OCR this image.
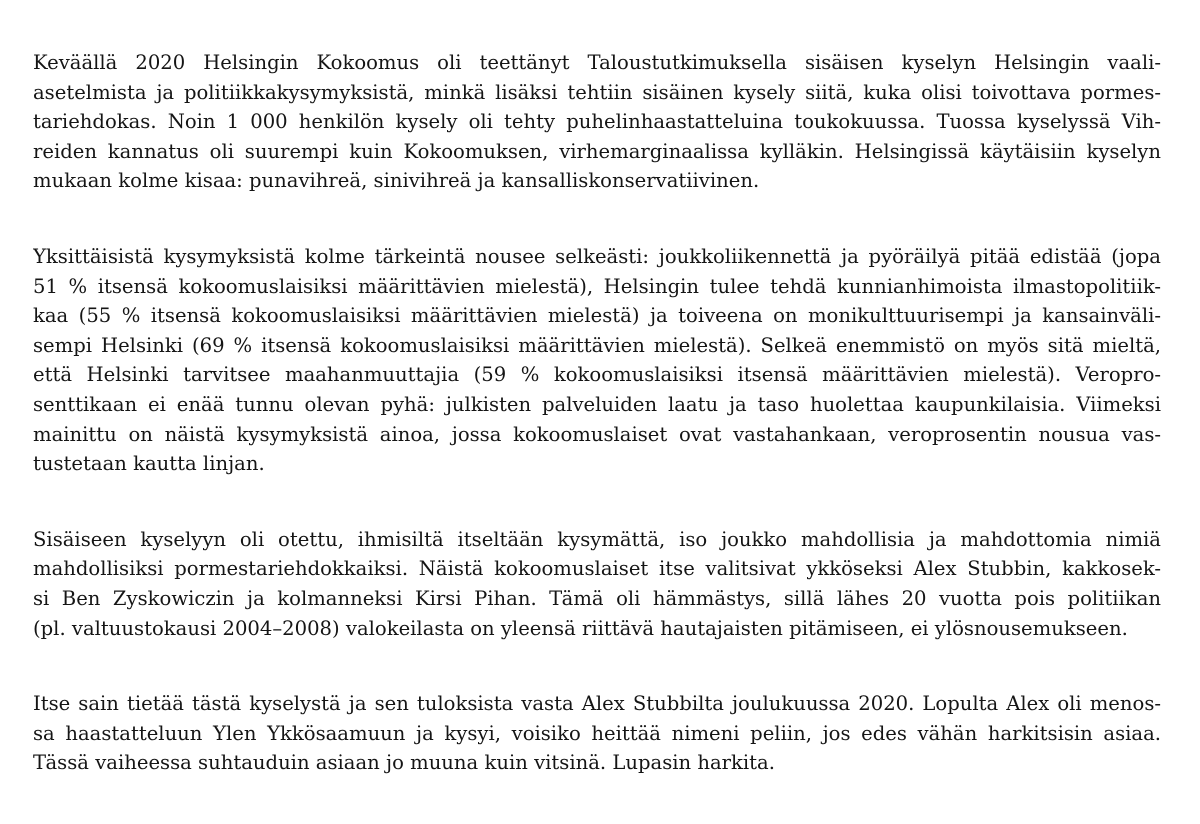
Keväällä 2020 Helsingin Kokoomus oli teettänyt Taloustutkimuksella sisäisen kyselyn Helsingin vaali-
asetelmista ja politiikkakysymyksistä, minkä lisäksi tehtiin sisäinen kysely siitä, kuka olisi toivottava pormes-
tariehdokas. Noin 1 000 henkilön kysely oli tehty puhelinhaastatteluina toukokuussa. Tuossa kyselyssä Vih-
reiden kannatus oli suurempi kuin Kokoomuksen, virhemarginaalissa kylläkin. Helsingissä käytäisiin kyselyn
mukaan kolme kisaa: punavihreä, sinivihreä ja kansalliskonservatiivinen.
Yksittäisistä kysymyksistä kolme tärkeintä nousee selkeästi: joukkoliikennettä ja pyöräilyä pitää edistää (jopa
51 % itsensä kokoomuslaisiksi määrittävien mielestä), Helsingin tulee tehdä kunnianhimoista ilmastopolitiik-
kaa (55 % itsensä kokoomuslaisiksi määrittävien mielestä) ja toiveena on monikulttuurisempi ja kansainväli-
sempi Helsinki (69 % itsensä kokoomuslaisiksi määrittävien mielestä). Selkeä enemmistö on myös sitä mieltä,
että Helsinki tarvitsee maahanmuuttajia (59 % kokoomuslaisiksi itsensä määrittävien mielestä). Veropro-
senttikaan ei enää tunnu olevan pyhä: julkisten palveluiden laatu ja taso huolettaa kaupunkilaisia. Viimeksi
mainittu on näistä kysymyksistä ainoa, jossa kokoomuslaiset ovat vastahankaan, veroprosentin nousua vas-
tustetaan kautta linjan.
Sisäiseen kyselyyn oli otettu, ihmisiltä itseltään kysymättä, iso joukko mahdollisia ja mahdottomia nimiä
mahdollisiksi pormestariehdokkaiksi. Näistä kokoomuslaiset itse valitsivat ykköseksi Alex Stubbin, kakkosek-
si Ben Zyskowiczin ja kolmanneksi Kirsi Pihan. Tämä oli hämmästys, sillä lähes 20 vuotta pois politiikan
(pl. valtuustokausi 2004–2008) valokeilasta on yleensä riittävä hautajaisten pitämiseen, ei ylösnousemukseen.
Itse sain tietää tästä kyselystä ja sen tuloksista vasta Alex Stubbilta joulukuussa 2020. Lopulta Alex oli menos-
sa haastatteluun Ylen Ykkösaamuun ja kysyi, voisiko heittää nimeni peliin, jos edes vähän harkitsisin asiaa.
Tässä vaiheessa suhtauduin asiaan jo muuna kuin vitsinä. Lupasin harkita.
